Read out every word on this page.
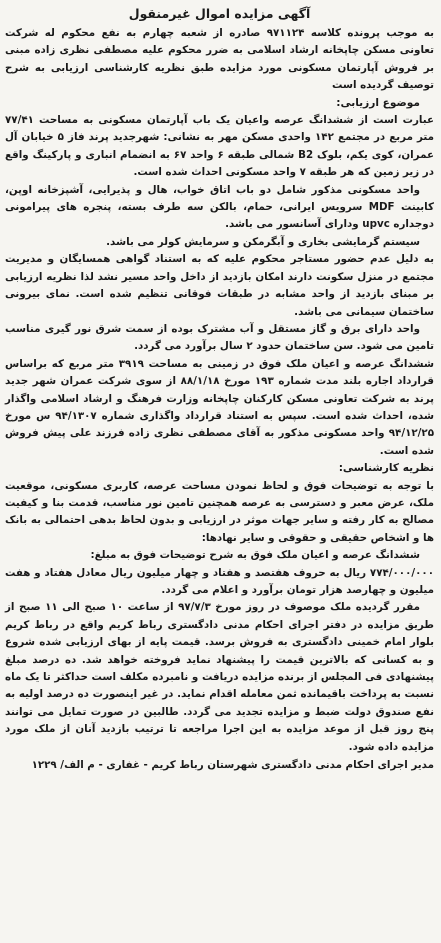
آگهی مزایده اموال غیرمنقول

به موجب پرونده کلاسه ۹۷۱۱۲۴ صادره از شعبه چهارم به نفع محکوم له شرکت تعاونی مسکن چاپخانه ارشاد اسلامی به ضرر محکوم علیه مصطفی نظری زاده مبنی بر فروش آپارتمان مسکونی مورد مزایده طبق نظریه کارشناسی ارزیابی به شرح توصیف گردیده است

موضوع ارزیابی:

عبارت است از ششدانگ عرصه واعیان یک باب آپارتمان مسکونی به مساحت ۷۷/۴۱ متر مربع در مجتمع ۱۴۲ واحدی مسکن مهر به نشانی: شهرجدید پرند فاز ۵ خیابان آل عمران، کوی یکم، بلوک B2 شمالی طبقه ۶ واحد ۶۷ به انضمام انباری و پارکینگ واقع در زیر زمین که هر طبقه ۷ واحد مسکونی احداث شده است.

واحد مسکونی مذکور شامل دو باب اتاق خواب، هال و پذیرایی، آشپزخانه اوپن، کابینت MDF سرویس ایرانی، حمام، بالکن سه طرف بسته، پنجره های پیرامونی دوجداره upvc ودارای آسانسور می باشد.

سیستم گرمایشی بخاری و آبگرمکن و سرمایش کولر می باشد.

به دلیل عدم حضور مستاجر محکوم علیه که به استناد گواهی همسایگان و مدیریت مجتمع در منزل سکونت دارند امکان بازدید از داخل واحد مسیر نشد لذا نظریه ارزیابی بر مبنای بازدید از واحد مشابه در طبقات فوقانی تنظیم شده است. نمای بیرونی ساختمان سیمانی می باشد.

واحد دارای برق و گاز مستقل و آب مشترک بوده از سمت شرق نور گیری مناسب تامین می شود. سن ساختمان حدود ۲ سال برآورد می گردد.

ششدانگ عرصه و اعیان ملک فوق در زمینی به مساحت ۳۹۱۹ متر مربع که براساس قرارداد اجاره بلند مدت شماره ۱۹۳ مورخ ۸۸/۱/۱۸ از سوی شرکت عمران شهر جدید پرند به شرکت تعاونی مسکن کارکنان چاپخانه وزارت فرهنگ و ارشاد اسلامی واگذار شده، احداث شده است. سپس به استناد قرارداد واگذاری شماره ۹۴/۱۳۰۷ س مورخ ۹۴/۱۲/۲۵ واحد مسکونی مذکور به آقای مصطفی نظری زاده فرزند علی پیش فروش شده است.

نظریه کارشناسی:

با توجه به توضیحات فوق و لحاظ نمودن مساحت عرصه، کاربری مسکونی، موقعیت ملک، عرض معبر و دسترسی به عرصه همچنین تامین نور مناسب، قدمت بنا و کیفیت مصالح به کار رفته و سایر جهات موثر در ارزیابی و بدون لحاظ بدهی احتمالی به بانک ها و اشخاص حقیقی و حقوقی و سایر نهادها:

ششدانگ عرصه و اعیان ملک فوق به شرح توضیحات فوق به مبلغ:

۷۷۴/۰۰۰/۰۰۰ ریال به حروف هفتصد و هفتاد و چهار میلیون ریال معادل هفتاد و هفت میلیون و چهارصد هزار تومان برآورد و اعلام می گردد.

مقرر گردیده ملک موصوف در روز مورخ ۹۷/۷/۳ از ساعت ۱۰ صبح الی ۱۱ صبح از طریق مزایده در دفتر اجرای احکام مدنی دادگستری رباط کریم واقع در رباط کریم بلوار امام خمینی دادگستری به فروش برسد. قیمت پایه از بهای ارزیابی شده شروع و به کسانی که بالاترین قیمت را پیشنهاد نماید فروخته خواهد شد. ده درصد مبلغ پیشنهادی فی المجلس از برنده مزایده دریافت و نامبرده مکلف است حداکثر تا یک ماه نسبت به پرداخت باقیمانده ثمن معامله اقدام نماید. در غیر اینصورت ده درصد اولیه به نفع صندوق دولت ضبط و مزایده تجدید می گردد. طالبین در صورت تمایل می توانند پنج روز قبل از موعد مزایده به این اجرا مراجعه تا ترتیب بازدید آنان از ملک مورد مزایده داده شود.

مدیر اجرای احکام مدنی دادگستری شهرستان رباط کریم - غفاری - م الف/ ۱۲۲۹
